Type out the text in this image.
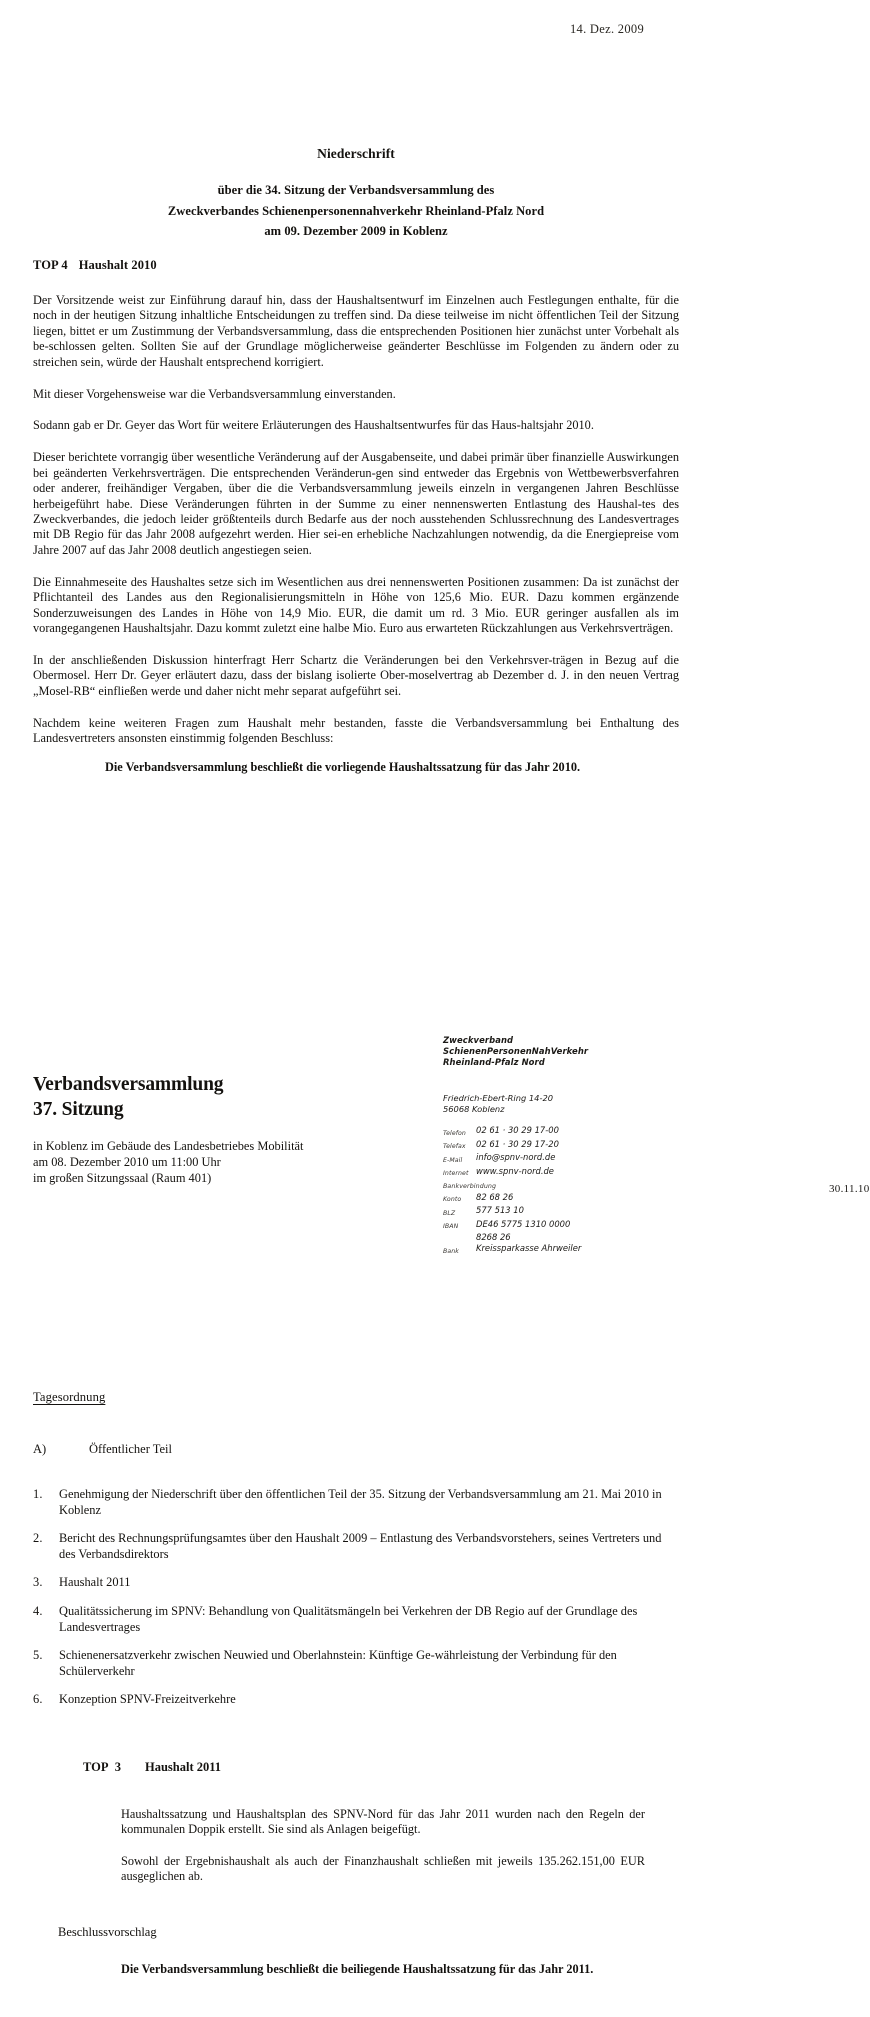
14. Dez. 2009
Niederschrift
über die 34. Sitzung der Verbandsversammlung des
Zweckverbandes Schienenpersonennahverkehr Rheinland-Pfalz Nord
am 09. Dezember 2009 in Koblenz
TOP 4 Haushalt 2010

Der Vorsitzende weist zur Einführung darauf hin, dass der Haushaltsentwurf im Einzelnen auch Festlegungen enthalte, für die noch in der heutigen Sitzung inhaltliche Entscheidungen zu treffen sind. Da diese teilweise im nicht öffentlichen Teil der Sitzung liegen, bittet er um Zustimmung der Verbandsversammlung, dass die entsprechenden Positionen hier zunächst unter Vorbehalt als be-schlossen gelten. Sollten Sie auf der Grundlage möglicherweise geänderter Beschlüsse im Folgenden zu ändern oder zu streichen sein, würde der Haushalt entsprechend korrigiert.

Mit dieser Vorgehensweise war die Verbandsversammlung einverstanden.

Sodann gab er Dr. Geyer das Wort für weitere Erläuterungen des Haushaltsentwurfes für das Haus-haltsjahr 2010.

Dieser berichtete vorrangig über wesentliche Veränderung auf der Ausgabenseite, und dabei primär über finanzielle Auswirkungen bei geänderten Verkehrsverträgen. Die entsprechenden Veränderun-gen sind entweder das Ergebnis von Wettbewerbsverfahren oder anderer, freihändiger Vergaben, über die die Verbandsversammlung jeweils einzeln in vergangenen Jahren Beschlüsse herbeigeführt habe. Diese Veränderungen führten in der Summe zu einer nennenswerten Entlastung des Haushal-tes des Zweckverbandes, die jedoch leider größtenteils durch Bedarfe aus der noch ausstehenden Schlussrechnung des Landesvertrages mit DB Regio für das Jahr 2008 aufgezehrt werden. Hier sei-en erhebliche Nachzahlungen notwendig, da die Energiepreise vom Jahre 2007 auf das Jahr 2008 deutlich angestiegen seien.

Die Einnahmeseite des Haushaltes setze sich im Wesentlichen aus drei nennenswerten Positionen zusammen: Da ist zunächst der Pflichtanteil des Landes aus den Regionalisierungsmitteln in Höhe von 125,6 Mio. EUR. Dazu kommen ergänzende Sonderzuweisungen des Landes in Höhe von 14,9 Mio. EUR, die damit um rd. 3 Mio. EUR geringer ausfallen als im vorangegangenen Haushaltsjahr. Dazu kommt zuletzt eine halbe Mio. Euro aus erwarteten Rückzahlungen aus Verkehrsverträgen.

In der anschließenden Diskussion hinterfragt Herr Schartz die Veränderungen bei den Verkehrsver-trägen in Bezug auf die Obermosel. Herr Dr. Geyer erläutert dazu, dass der bislang isolierte Ober-moselvertrag ab Dezember d. J. in den neuen Vertrag „Mosel-RB“ einfließen werde und daher nicht mehr separat aufgeführt sei.

Nachdem keine weiteren Fragen zum Haushalt mehr bestanden, fasste die Verbandsversammlung bei Enthaltung des Landesvertreters ansonsten einstimmig folgenden Beschluss:

Die Verbandsversammlung beschließt die vorliegende Haushaltssatzung für das Jahr 2010.
Verbandsversammlung
37. Sitzung
in Koblenz im Gebäude des Landesbetriebes Mobilität
am 08. Dezember 2010 um 11:00 Uhr
im großen Sitzungssaal (Raum 401)
Zweckverband
SchienenPersonenNahVerkehr
Rheinland-Pfalz Nord
Friedrich-Ebert-Ring 14-20
56068 Koblenz
Telefon	02 61 · 30 29 17-00
Telefax	02 61 · 30 29 17-20
E-Mail	info@spnv-nord.de
Internet www.spnv-nord.de
Bankverbindung
Konto	82 68 26
BLZ	577 513 10
IBAN	DE46 5775 1310 0000
8268 26
Bank	Kreissparkasse Ahrweiler
30.11.10
Tagesordnung
A)	Öffentlicher Teil
1.	Genehmigung der Niederschrift über den öffentlichen Teil der 35. Sitzung der Verbandsversammlung am 21. Mai 2010 in Koblenz
2.	Bericht des Rechnungsprüfungsamtes über den Haushalt 2009 – Entlastung des Verbandsvorstehers, seines Vertreters und des Verbandsdirektors
3.	Haushalt 2011
4.	Qualitätssicherung im SPNV: Behandlung von Qualitätsmängeln bei Verkehren der DB Regio auf der Grundlage des Landesvertrages
5.	Schienenersatzverkehr zwischen Neuwied und Oberlahnstein: Künftige Ge-währleistung der Verbindung für den Schülerverkehr
6.	Konzeption SPNV-Freizeitverkehre
TOP 3 Haushalt 2011

Haushaltssatzung und Haushaltsplan des SPNV-Nord für das Jahr 2011 wurden nach den Regeln der kommunalen Doppik erstellt. Sie sind als Anlagen beigefügt.

Sowohl der Ergebnishaushalt als auch der Finanzhaushalt schließen mit jeweils 135.262.151,00 EUR ausgeglichen ab.

Beschlussvorschlag
Die Verbandsversammlung beschließt die beiliegende Haushaltssatzung für das Jahr 2011.
